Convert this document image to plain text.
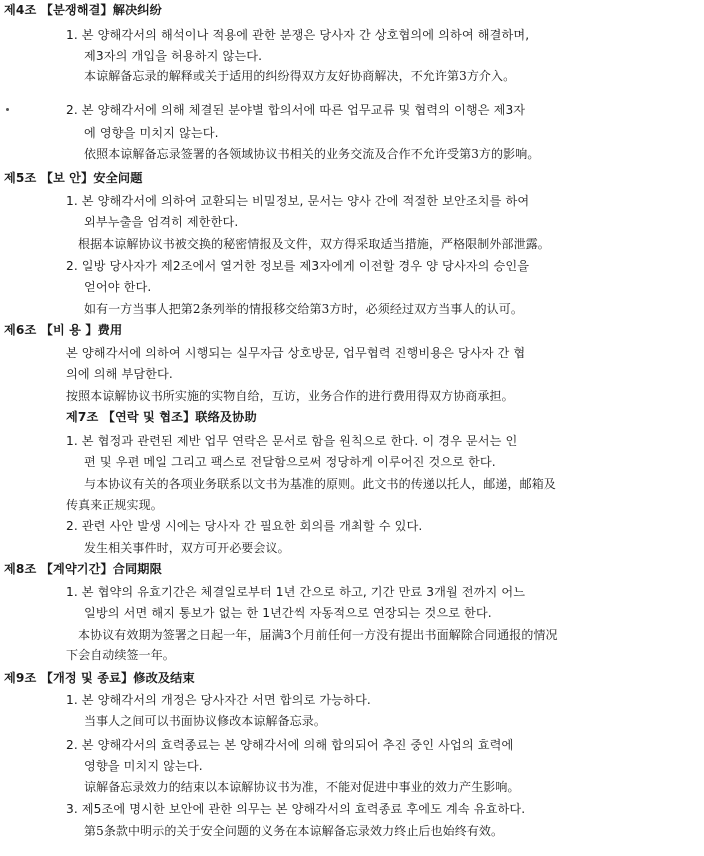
제4조 【분쟁해결】解决纠纷
1. 본 양해각서의 해석이나 적용에 관한 분쟁은 당사자 간 상호협의에 의하여 해결하며,
제3자의 개입을 허용하지 않는다.
本谅解备忘录的解释或关于适用的纠纷得双方友好协商解决，不允许第3方介入。
2. 본 양해각서에 의해 체결된 분야별 합의서에 따른 업무교류 및 협력의 이행은 제3자
에 영향을 미치지 않는다.
依照本谅解备忘录签署的各领域协议书相关的业务交流及合作不允许受第3方的影响。
제5조 【보 안】安全问题
1. 본 양해각서에 의하여 교환되는 비밀정보, 문서는 양사 간에 적절한 보안조치를 하여
외부누출을 엄격히 제한한다.
根据本谅解协议书被交换的秘密情报及文件，双方得采取适当措施，严格限制外部泄露。
2. 일방 당사자가 제2조에서 열거한 정보를 제3자에게 이전할 경우 양 당사자의 승인을
얻어야 한다.
如有一方当事人把第2条列举的情报移交给第3方时，必须经过双方当事人的认可。
제6조 【비 용 】费用
본 양해각서에 의하여 시행되는 실무자급 상호방문, 업무협력 진행비용은 당사자 간 협
의에 의해 부담한다.
按照本谅解协议书所实施的实物自给，互访，业务合作的进行费用得双方协商承担。
제7조 【연락 및 협조】联络及协助
1. 본 협정과 관련된 제반 업무 연락은 문서로 함을 원칙으로 한다. 이 경우 문서는 인
편 및 우편 메일 그리고 팩스로 전달함으로써 정당하게 이루어진 것으로 한다.
与本协议有关的各项业务联系以文书为基准的原则。此文书的传递以托人，邮递，邮箱及
传真来正规实现。
2. 관련 사안 발생 시에는 당사자 간 필요한 회의를 개최할 수 있다.
发生相关事件时，双方可开必要会议。
제8조 【계약기간】合同期限
1. 본 협약의 유효기간은 체결일로부터 1년 간으로 하고, 기간 만료 3개월 전까지 어느
일방의 서면 해지 통보가 없는 한 1년간씩 자동적으로 연장되는 것으로 한다.
本协议有效期为签署之日起一年，届满3个月前任何一方没有提出书面解除合同通报的情况
下会自动续签一年。
제9조 【개정 및 종료】修改及结束
1. 본 양해각서의 개정은 당사자간 서면 합의로 가능하다.
当事人之间可以书面协议修改本谅解备忘录。
2. 본 양해각서의 효력종료는 본 양해각서에 의해 합의되어 추진 중인 사업의 효력에
영향을 미치지 않는다.
谅解备忘录效力的结束以本谅解协议书为准，不能对促进中事业的效力产生影响。
3. 제5조에 명시한 보안에 관한 의무는 본 양해각서의 효력종료 후에도 계속 유효하다.
第5条款中明示的关于安全问题的义务在本谅解备忘录效力终止后也始终有效。
